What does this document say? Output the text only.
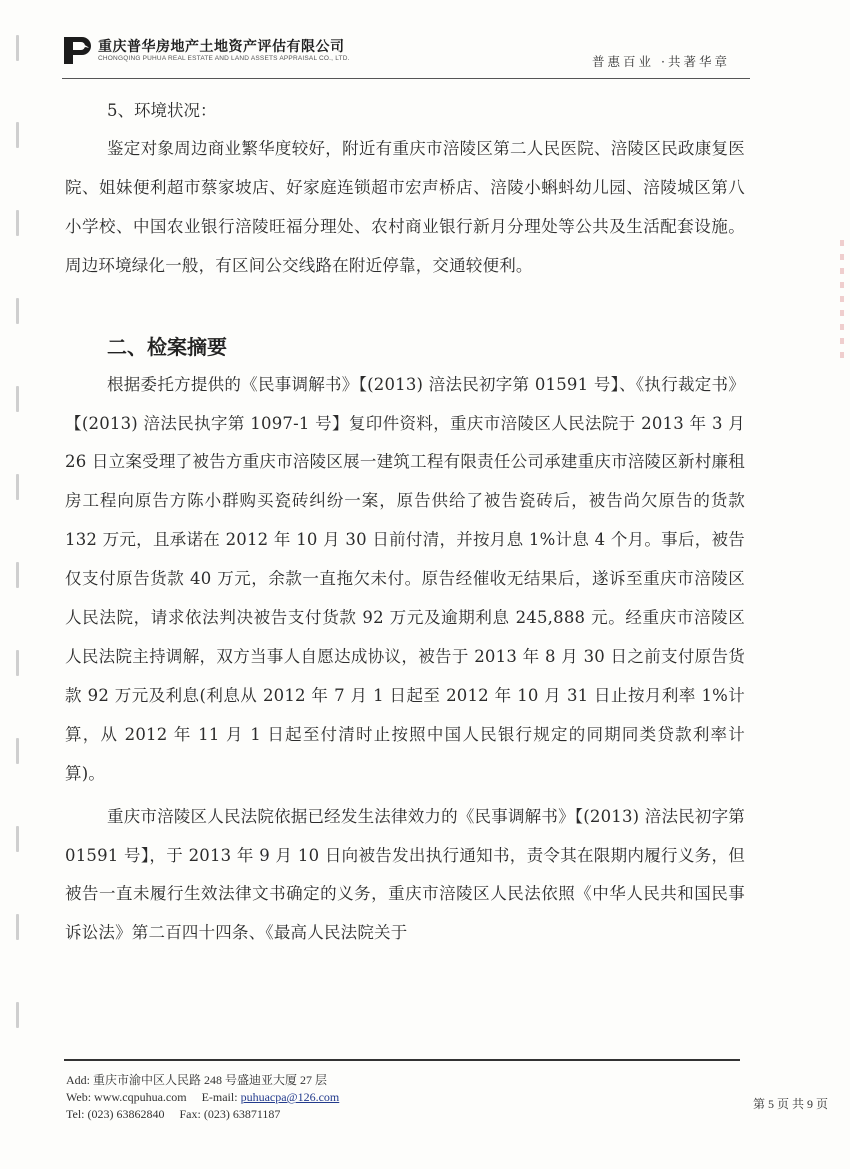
重庆普华房地产土地资产评估有限公司
CHONGQING PUHUA REAL ESTATE AND LAND ASSETS APPRAISAL CO., LTD.	普惠百业 ·共著华章

5、环境状况：

鉴定对象周边商业繁华度较好，附近有重庆市涪陵区第二人民医院、涪陵区民政康复医院、姐妹便利超市蔡家坡店、好家庭连锁超市宏声桥店、涪陵小蝌蚪幼儿园、涪陵城区第八小学校、中国农业银行涪陵旺福分理处、农村商业银行新月分理处等公共及生活配套设施。周边环境绿化一般，有区间公交线路在附近停靠，交通较便利。

二、检案摘要

根据委托方提供的《民事调解书》【(2013) 涪法民初字第 01591 号】、《执行裁定书》【(2013) 涪法民执字第 1097-1 号】复印件资料，重庆市涪陵区人民法院于 2013 年 3 月 26 日立案受理了被告方重庆市涪陵区展一建筑工程有限责任公司承建重庆市涪陵区新村廉租房工程向原告方陈小群购买瓷砖纠纷一案，原告供给了被告瓷砖后，被告尚欠原告的货款 132 万元，且承诺在 2012 年 10 月 30 日前付清，并按月息 1%计息 4 个月。事后，被告仅支付原告货款 40 万元，余款一直拖欠未付。原告经催收无结果后，遂诉至重庆市涪陵区人民法院，请求依法判决被告支付货款 92 万元及逾期利息 245,888 元。经重庆市涪陵区人民法院主持调解，双方当事人自愿达成协议，被告于 2013 年 8 月 30 日之前支付原告货款 92 万元及利息(利息从 2012 年 7 月 1 日起至 2012 年 10 月 31 日止按月利率 1%计算，从 2012 年 11 月 1 日起至付清时止按照中国人民银行规定的同期同类贷款利率计算)。

重庆市涪陵区人民法院依据已经发生法律效力的《民事调解书》【(2013) 涪法民初字第 01591 号】，于 2013 年 9 月 10 日向被告发出执行通知书，责令其在限期内履行义务，但被告一直未履行生效法律文书确定的义务，重庆市涪陵区人民法依照《中华人民共和国民事诉讼法》第二百四十四条、《最高人民法院关于

Add: 重庆市渝中区人民路 248 号盛迪亚大厦 27 层
Web: www.cqpuhua.com E-mail: puhuacpa@126.com
Tel: (023) 63862840 Fax: (023) 63871187
第 5 页 共 9 页
